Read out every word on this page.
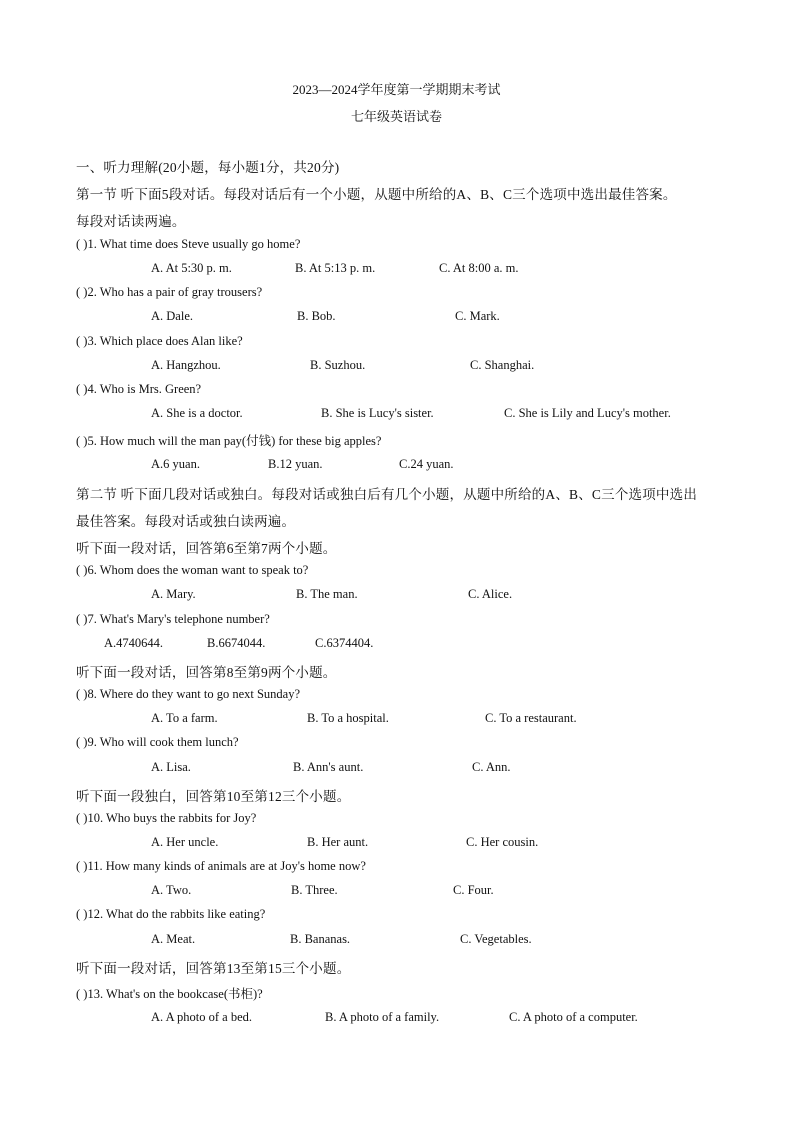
2023—2024学年度第一学期期末考试
七年级英语试卷
一、听力理解(20小题，每小题1分，共20分)
第一节 听下面5段对话。每段对话后有一个小题，从题中所给的A、B、C三个选项中选出最佳答案。
每段对话读两遍。
( )1. What time does Steve usually go home?
A. At 5:30 p. m.	B. At 5:13 p. m.	C. At 8:00 a. m.
( )2. Who has a pair of gray trousers?
A. Dale.	B. Bob.	C. Mark.
( )3. Which place does Alan like?
A. Hangzhou.	B. Suzhou.	C. Shanghai.
( )4. Who is Mrs. Green?
A. She is a doctor.	B. She is Lucy's sister.	C. She is Lily and Lucy's mother.
( )5. How much will the man pay(付钱) for these big apples?
A.6 yuan.	B.12 yuan.	C.24 yuan.
第二节 听下面几段对话或独白。每段对话或独白后有几个小题，从题中所给的A、B、C三个选项中选出
最佳答案。每段对话或独白读两遍。
听下面一段对话，回答第6至第7两个小题。
( )6. Whom does the woman want to speak to?
A. Mary.	B. The man.	C. Alice.
( )7. What's Mary's telephone number?
A.4740644.	B.6674044.	C.6374404.
听下面一段对话，回答第8至第9两个小题。
( )8. Where do they want to go next Sunday?
A. To a farm.	B. To a hospital.	C. To a restaurant.
( )9. Who will cook them lunch?
A. Lisa.	B. Ann's aunt.	C. Ann.
听下面一段独白，回答第10至第12三个小题。
( )10. Who buys the rabbits for Joy?
A. Her uncle.	B. Her aunt.	C. Her cousin.
( )11. How many kinds of animals are at Joy's home now?
A. Two.	B. Three.	C. Four.
( )12. What do the rabbits like eating?
A. Meat.	B. Bananas.	C. Vegetables.
听下面一段对话，回答第13至第15三个小题。
( )13. What's on the bookcase(书柜)?
A. A photo of a bed.	B. A photo of a family.	C. A photo of a computer.
